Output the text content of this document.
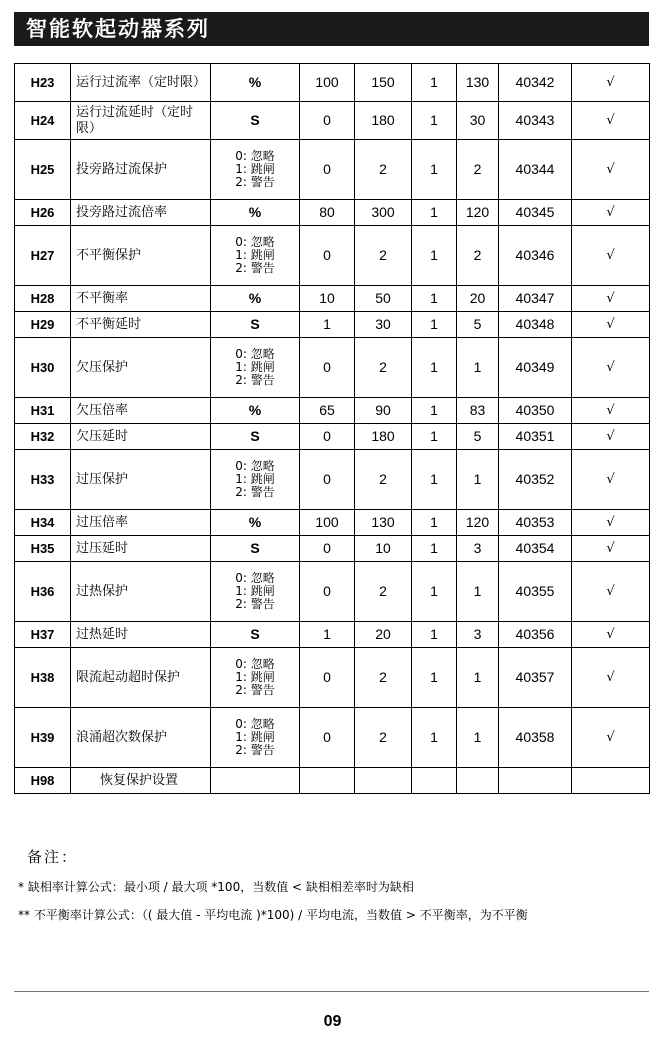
智能软起动器系列
H23	运行过流率（定时限）	%	100	150	1	130	40342	√
H24	运行过流延时（定时限）	S	0	180	1	30	40343	√
H25	投旁路过流保护	0: 忽略
1: 跳闸
2: 警告	0	2	1	2	40344	√
H26	投旁路过流倍率	%	80	300	1	120	40345	√
H27	不平衡保护	0: 忽略
1: 跳闸
2: 警告	0	2	1	2	40346	√
H28	不平衡率	%	10	50	1	20	40347	√
H29	不平衡延时	S	1	30	1	5	40348	√
H30	欠压保护	0: 忽略
1: 跳闸
2: 警告	0	2	1	1	40349	√
H31	欠压倍率	%	65	90	1	83	40350	√
H32	欠压延时	S	0	180	1	5	40351	√
H33	过压保护	0: 忽略
1: 跳闸
2: 警告	0	2	1	1	40352	√
H34	过压倍率	%	100	130	1	120	40353	√
H35	过压延时	S	0	10	1	3	40354	√
H36	过热保护	0: 忽略
1: 跳闸
2: 警告	0	2	1	1	40355	√
H37	过热延时	S	1	20	1	3	40356	√
H38	限流起动超时保护	0: 忽略
1: 跳闸
2: 警告	0	2	1	1	40357	√
H39	浪涌超次数保护	0: 忽略
1: 跳闸
2: 警告	0	2	1	1	40358	√
H98	恢复保护设置							
备注：
* 缺相率计算公式：最小项 / 最大项 *100，当数值 < 缺相相差率时为缺相
** 不平衡率计算公式：（( 最大值 - 平均电流 )*100) / 平均电流，当数值 > 不平衡率，为不平衡
09
